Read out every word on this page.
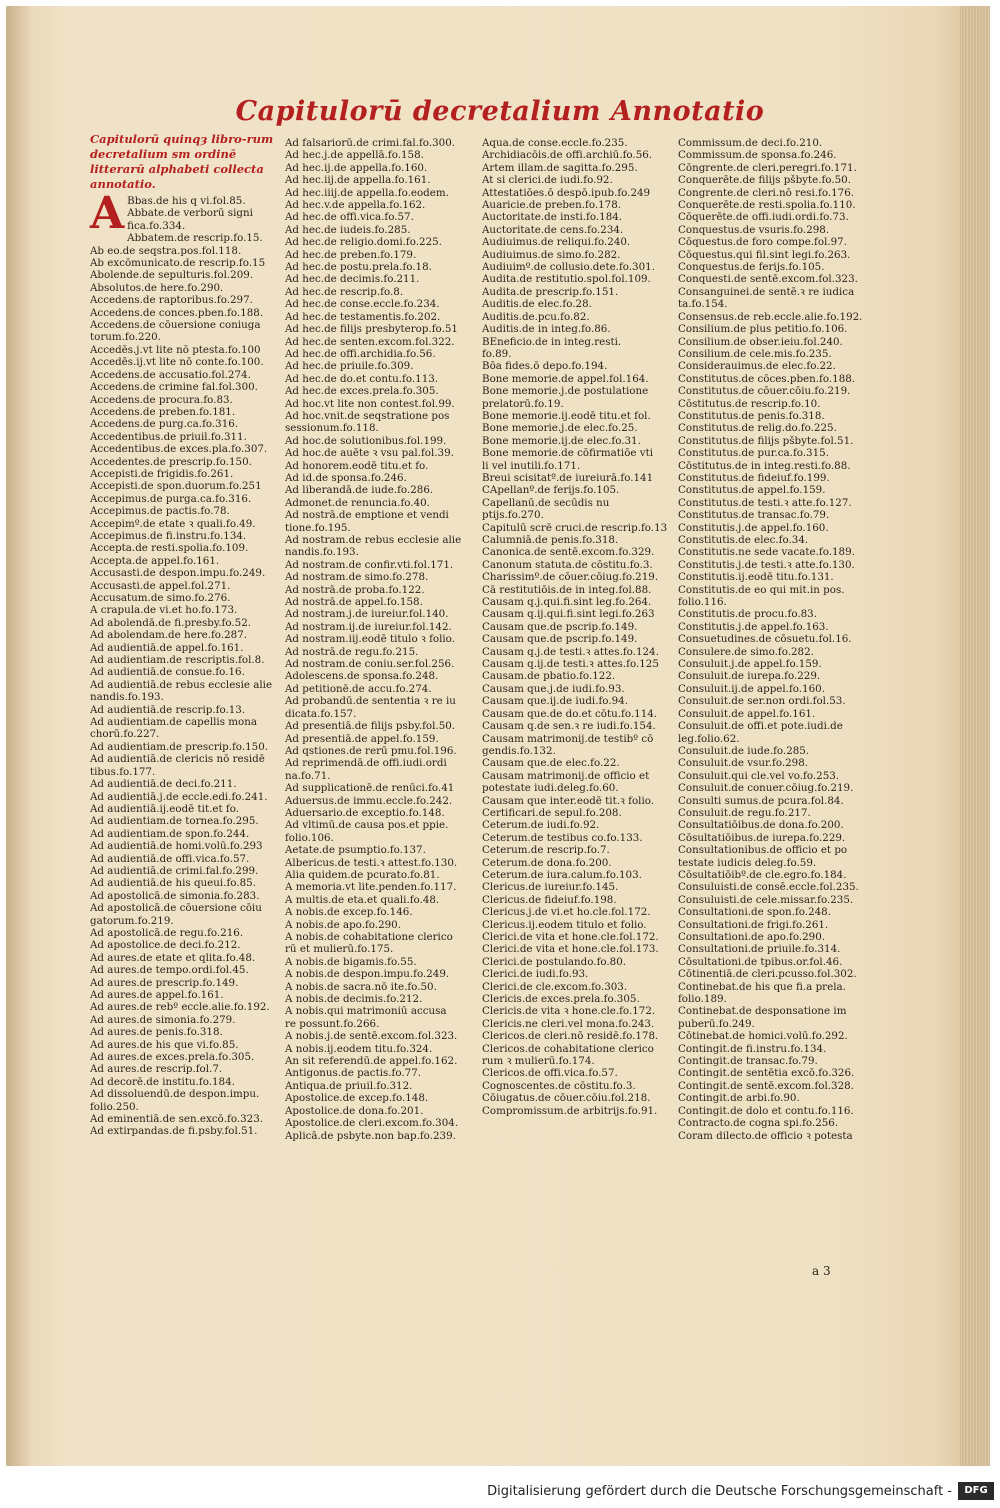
Capitulorū decretalium Annotatio
Capitulorū quinqȝ libro-rum decretalium sm ordinē litterarū alphabeti collecta annotatio.
A Bbas.de his q vi.fol.85.
Abbate.de verborū signi
fica.fo.334.
Abbatem.de rescrip.fo.15.
Ab eo.de seqstra.pos.fol.118.
Ab excōmunicato.de rescrip.fo.15
Abolende.de sepulturis.fol.209.
Absolutos.de here.fo.290.
Accedens.de raptoribus.fo.297.
Accedens.de conces.pben.fo.188.
Accedens.de cōuersione coniuga
torum.fo.220.
Accedēs.j.vt lite nō ptesta.fo.100
Accedēs.ij.vt lite nō conte.fo.100.
Accedens.de accusatio.fol.274.
Accedens.de crimine fal.fol.300.
Accedens.de procura.fo.83.
Accedens.de preben.fo.181.
Accedens.de purg.ca.fo.316.
Accedentibus.de priuil.fo.311.
Accedentibus.de exces.pla.fo.307.
Accedentes.de prescrip.fo.150.
Accepisti.de frigidis.fo.261.
Accepisti.de spon.duorum.fo.251
Accepimus.de purga.ca.fo.316.
Accepimus.de pactis.fo.78.
Accepimº.de etate ꝛ quali.fo.49.
Accepimus.de fi.instru.fo.134.
Accepta.de resti.spolia.fo.109.
Accepta.de appel.fo.161.
Accusasti.de despon.impu.fo.249.
Accusasti.de appel.fol.271.
Accusatum.de simo.fo.276.
A crapula.de vi.et ho.fo.173.
Ad abolendā.de fi.presby.fo.52.
Ad abolendam.de here.fo.287.
Ad audientiā.de appel.fo.161.
Ad audientiam.de rescriptis.fol.8.
Ad audientiā.de consue.fo.16.
Ad audientiā.de rebus ecclesie alie
nandis.fo.193.
Ad audientiā.de rescrip.fo.13.
Ad audientiam.de capellis mona
chorū.fo.227.
Ad audientiam.de prescrip.fo.150.
Ad audientiā.de clericis nō residē
tibus.fo.177.
Ad audientiā.de deci.fo.211.
Ad audientiā.j.de eccle.edi.fo.241.
Ad audientiā.ij.eodē tit.et fo.
Ad audientiam.de tornea.fo.295.
Ad audientiam.de spon.fo.244.
Ad audientiā.de homi.volū.fo.293
Ad audientiā.de offi.vica.fo.57.
Ad audientiā.de crimi.fal.fo.299.
Ad audientiā.de his queui.fo.85.
Ad apostolicā.de simonia.fo.283.
Ad apostolicā.de cōuersione cōiu
gatorum.fo.219.
Ad apostolicā.de regu.fo.216.
Ad apostolice.de deci.fo.212.
Ad aures.de etate et qlita.fo.48.
Ad aures.de tempo.ordi.fol.45.
Ad aures.de prescrip.fo.149.
Ad aures.de appel.fo.161.
Ad aures.de rebº eccle.alie.fo.192.
Ad aures.de simonia.fo.279.
Ad aures.de penis.fo.318.
Ad aures.de his que vi.fo.85.
Ad aures.de exces.prela.fo.305.
Ad aures.de rescrip.fol.7.
Ad decorē.de institu.fo.184.
Ad dissoluendū.de despon.impu.
folio.250.
Ad eminentiā.de sen.excō.fo.323.
Ad extirpandas.de fi.psby.fol.51.
Ad falsariorū.de crimi.fal.fo.300.
Ad hec.j.de appellā.fo.158.
Ad hec.ij.de appella.fo.160.
Ad hec.iij.de appella.fo.161.
Ad hec.iiij.de appella.fo.eodem.
Ad hec.v.de appella.fo.162.
Ad hec.de offi.vica.fo.57.
Ad hec.de iudeis.fo.285.
Ad hec.de religio.domi.fo.225.
Ad hec.de preben.fo.179.
Ad hec.de postu.prela.fo.18.
Ad hec.de decimis.fo.211.
Ad hec.de rescrip.fo.8.
Ad hec.de conse.eccle.fo.234.
Ad hec.de testamentis.fo.202.
Ad hec.de filijs presbyterop.fo.51
Ad hec.de senten.excom.fol.322.
Ad hec.de offi.archidia.fo.56.
Ad hec.de priuile.fo.309.
Ad hec.de do.et contu.fo.113.
Ad hec.de exces.prela.fo.305.
Ad hoc.vt lite non contest.fol.99.
Ad hoc.vnit.de seqstratione pos
sessionum.fo.118.
Ad hoc.de solutionibus.fol.199.
Ad hoc.de auēte ꝛ vsu pal.fol.39.
Ad honorem.eodē titu.et fo.
Ad id.de sponsa.fo.246.
Ad liberandā.de iude.fo.286.
Admonet.de renuncia.fo.40.
Ad nostrā.de emptione et vendi
tione.fo.195.
Ad nostram.de rebus ecclesie alie
nandis.fo.193.
Ad nostram.de confir.vti.fol.171.
Ad nostram.de simo.fo.278.
Ad nostrā.de proba.fo.122.
Ad nostrā.de appel.fo.158.
Ad nostram.j.de iureiur.fol.140.
Ad nostram.ij.de iureiur.fol.142.
Ad nostram.iij.eodē titulo ꝛ folio.
Ad nostrā.de regu.fo.215.
Ad nostram.de coniu.ser.fol.256.
Adolescens.de sponsa.fo.248.
Ad petitionē.de accu.fo.274.
Ad probandū.de sententia ꝛ re iu
dicata.fo.157.
Ad presentiā.de filijs psby.fol.50.
Ad presentiā.de appel.fo.159.
Ad qstiones.de rerū pmu.fol.196.
Ad reprimendā.de offi.iudi.ordi
na.fo.71.
Ad supplicationē.de renūci.fo.41
Aduersus.de immu.eccle.fo.242.
Aduersario.de exceptio.fo.148.
Ad vltimū.de causa pos.et ppie.
folio.106.
Aetate.de psumptio.fo.137.
Albericus.de testi.ꝛ attest.fo.130.
Alia quidem.de pcurato.fo.81.
A memoria.vt lite.penden.fo.117.
A multis.de eta.et quali.fo.48.
A nobis.de excep.fo.146.
A nobis.de apo.fo.290.
A nobis.de cohabitatione clerico
rū et mulierū.fo.175.
A nobis.de bigamis.fo.55.
A nobis.de despon.impu.fo.249.
A nobis.de sacra.nō ite.fo.50.
A nobis.de decimis.fo.212.
A nobis.qui matrimoniū accusa
re possunt.fo.266.
A nobis.j.de sentē.excom.fol.323.
A nobis.ij.eodem titu.fo.324.
An sit referendū.de appel.fo.162.
Antigonus.de pactis.fo.77.
Antiqua.de priuil.fo.312.
Apostolice.de excep.fo.148.
Apostolice.de dona.fo.201.
Apostolice.de cleri.excom.fo.304.
Aplicā.de psbyte.non bap.fo.239.
Aqua.de conse.eccle.fo.235.
Archidiacōis.de offi.archiū.fo.56.
Artem illam.de sagitta.fo.295.
At si clerici.de iudi.fo.92.
Attestatiōes.ō despō.ipub.fo.249
Auaricie.de preben.fo.178.
Auctoritate.de insti.fo.184.
Auctoritate.de cens.fo.234.
Audiuimus.de reliqui.fo.240.
Audiuimus.de simo.fo.282.
Audiuimº.de collusio.dete.fo.301.
Audita.de restitutio.spol.fol.109.
Audita.de prescrip.fo.151.
Auditis.de elec.fo.28.
Auditis.de.pcu.fo.82.
Auditis.de in integ.fo.86.
BEneficio.de in integ.resti.
fo.89.
Bōa fides.ō depo.fo.194.
Bone memorie.de appel.fol.164.
Bone memorie.j.de postulatione
prelatorū.fo.19.
Bone memorie.ij.eodē titu.et fol.
Bone memorie.j.de elec.fo.25.
Bone memorie.ij.de elec.fo.31.
Bone memorie.de cōfirmatiōe vti
li vel inutili.fo.171.
Breui scisitatº.de iureiurā.fo.141
CApellanº.de ferijs.fo.105.
Capellanū.de secūdis nu
ptijs.fo.270.
Capitulū scrē cruci.de rescrip.fo.13
Calumniā.de penis.fo.318.
Canonica.de sentē.excom.fo.329.
Canonum statuta.de cōstitu.fo.3.
Charissimº.de cōuer.cōiug.fo.219.
Cā restitutiōis.de in integ.fol.88.
Causam q.j.qui.fi.sint leg.fo.264.
Causam q.ij.qui.fi.sint legi.fo.263
Causam que.de pscrip.fo.149.
Causam que.de pscrip.fo.149.
Causam q.j.de testi.ꝛ attes.fo.124.
Causam q.ij.de testi.ꝛ attes.fo.125
Causam.de pbatio.fo.122.
Causam que.j.de iudi.fo.93.
Causam que.ij.de iudi.fo.94.
Causam que.de do.et cōtu.fo.114.
Causam q.de sen.ꝛ re iudi.fo.154.
Causam matrimonij.de testibº cō
gendis.fo.132.
Causam que.de elec.fo.22.
Causam matrimonij.de officio et
potestate iudi.deleg.fo.60.
Causam que inter.eodē tit.ꝛ folio.
Certificari.de sepul.fo.208.
Ceterum.de iudi.fo.92.
Ceterum.de testibus co.fo.133.
Ceterum.de rescrip.fo.7.
Ceterum.de dona.fo.200.
Ceterum.de iura.calum.fo.103.
Clericus.de iureiur.fo.145.
Clericus.de fideiuf.fo.198.
Clericus.j.de vi.et ho.cle.fol.172.
Clericus.ij.eodem titulo et folio.
Clerici.de vita et hone.cle.fol.172.
Clerici.de vita et hone.cle.fol.173.
Clerici.de postulando.fo.80.
Clerici.de iudi.fo.93.
Clerici.de cle.excom.fo.303.
Clericis.de exces.prela.fo.305.
Clericis.de vita ꝛ hone.cle.fo.172.
Clericis.ne cleri.vel mona.fo.243.
Clericos.de cleri.nō residē.fo.178.
Clericos.de cohabitatione clerico
rum ꝛ mulierū.fo.174.
Clericos.de offi.vica.fo.57.
Cognoscentes.de cōstitu.fo.3.
Cōiugatus.de cōuer.cōiu.fol.218.
Compromissum.de arbitrijs.fo.91.
Commissum.de deci.fo.210.
Commissum.de sponsa.fo.246.
Cōngrente.de cleri.peregri.fo.171.
Conquerēte.de filijs pšbyte.fo.50.
Congrente.de cleri.nō resi.fo.176.
Conquerēte.de resti.spolia.fo.110.
Cōquerēte.de offi.iudi.ordi.fo.73.
Conquestus.de vsuris.fo.298.
Cōquestus.de foro compe.fol.97.
Cōquestus.qui fil.sint legi.fo.263.
Conquestus.de ferijs.fo.105.
Conquesti.de sentē.excom.fol.323.
Consanguinei.de sentē.ꝛ re iudica
ta.fo.154.
Consensus.de reb.eccle.alie.fo.192.
Consilium.de plus petitio.fo.106.
Consilium.de obser.ieiu.fol.240.
Consilium.de cele.mis.fo.235.
Considerauimus.de elec.fo.22.
Constitutus.de cōces.pben.fo.188.
Constitutus.de cōuer.cōiu.fo.219.
Cōstitutus.de rescrip.fo.10.
Constitutus.de penis.fo.318.
Constitutus.de relig.do.fo.225.
Constitutus.de filijs pšbyte.fol.51.
Constitutus.de pur.ca.fo.315.
Cōstitutus.de in integ.resti.fo.88.
Constitutus.de fideiuf.fo.199.
Constitutus.de appel.fo.159.
Constitutus.de testi.ꝛ atte.fo.127.
Constitutus.de transac.fo.79.
Constitutis.j.de appel.fo.160.
Constitutis.de elec.fo.34.
Constitutis.ne sede vacate.fo.189.
Constitutis.j.de testi.ꝛ atte.fo.130.
Constitutis.ij.eodē titu.fo.131.
Constitutis.de eo qui mit.in pos.
folio.116.
Constitutis.de procu.fo.83.
Constitutis.j.de appel.fo.163.
Consuetudines.de cōsuetu.fol.16.
Consulere.de simo.fo.282.
Consuluit.j.de appel.fo.159.
Consuluit.de iurepa.fo.229.
Consuluit.ij.de appel.fo.160.
Consuluit.de ser.non ordi.fol.53.
Consuluit.de appel.fo.161.
Consuluit.de offi.et pote.iudi.de
leg.folio.62.
Consuluit.de iude.fo.285.
Consuluit.de vsur.fo.298.
Consuluit.qui cle.vel vo.fo.253.
Consuluit.de conuer.cōiug.fo.219.
Consulti sumus.de pcura.fol.84.
Consuluit.de regu.fo.217.
Consultatiōibus.de dona.fo.200.
Cōsultatiōibus.de iurepa.fo.229.
Consultationibus.de officio et po
testate iudicis deleg.fo.59.
Cōsultatiōibº.de cle.egro.fo.184.
Consuluisti.de consē.eccle.fol.235.
Consuluisti.de cele.missar.fo.235.
Consultationi.de spon.fo.248.
Consultationi.de frigi.fo.261.
Consultationi.de apo.fo.290.
Consultationi.de priuile.fo.314.
Cōsultationi.de tpibus.or.fol.46.
Cōtinentiā.de cleri.pcusso.fol.302.
Continebat.de his que fi.a prela.
folio.189.
Continebat.de desponsatione im
puberū.fo.249.
Cōtinebat.de homici.volū.fo.292.
Contingit.de fi.instru.fo.134.
Contingit.de transac.fo.79.
Contingit.de sentētia excō.fo.326.
Contingit.de sentē.excom.fol.328.
Contingit.de arbi.fo.90.
Contingit.de dolo et contu.fo.116.
Contracto.de cogna spi.fo.256.
Coram dilecto.de officio ꝛ potesta
a 3
Digitalisierung gefördert durch die Deutsche Forschungsgemeinschaft -	DFG
